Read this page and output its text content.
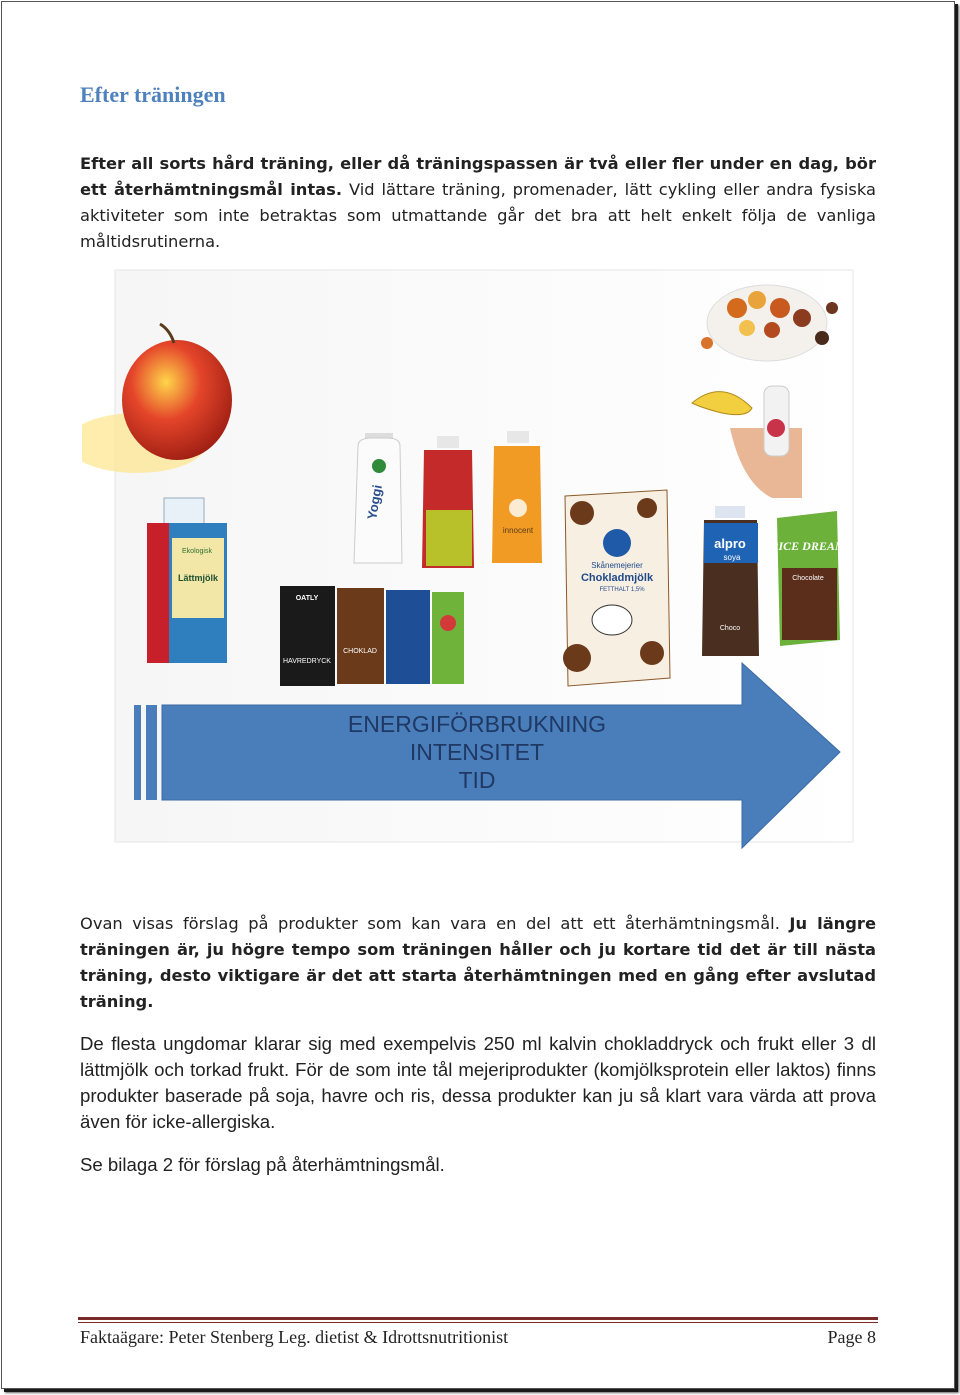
Efter träningen

Efter all sorts hård träning, eller då träningspassen är två eller fler under en dag, bör ett återhämtningsmål intas. Vid lättare träning, promenader, lätt cykling eller andra fysiska aktiviteter som inte betraktas som utmattande går det bra att helt enkelt följa de vanliga måltidsrutinerna.

Ekologisk
Lättmjölk
Yoggi
innocent
Skånemejerier
Chokladmjölk
FETTHALT 1,5%
OATLY
HAVREDRYCK
CHOKLAD
alpro
soya
Choco
RICE DREAM
Chocolate
ENERGIFÖRBRUKNING
INTENSITET
TID

Ovan visas förslag på produkter som kan vara en del att ett återhämtningsmål. Ju längre träningen är, ju högre tempo som träningen håller och ju kortare tid det är till nästa träning, desto viktigare är det att starta återhämtningen med en gång efter avslutad träning.

De flesta ungdomar klarar sig med exempelvis 250 ml kalvin chokladdryck och frukt eller 3 dl lättmjölk och torkad frukt. För de som inte tål mejeriprodukter (komjölksprotein eller laktos) finns produkter baserade på soja, havre och ris, dessa produkter kan ju så klart vara värda att prova även för icke-allergiska.

Se bilaga 2 för förslag på återhämtningsmål.

Faktaägare: Peter Stenberg Leg. dietist & Idrottsnutritionist	Page 8
